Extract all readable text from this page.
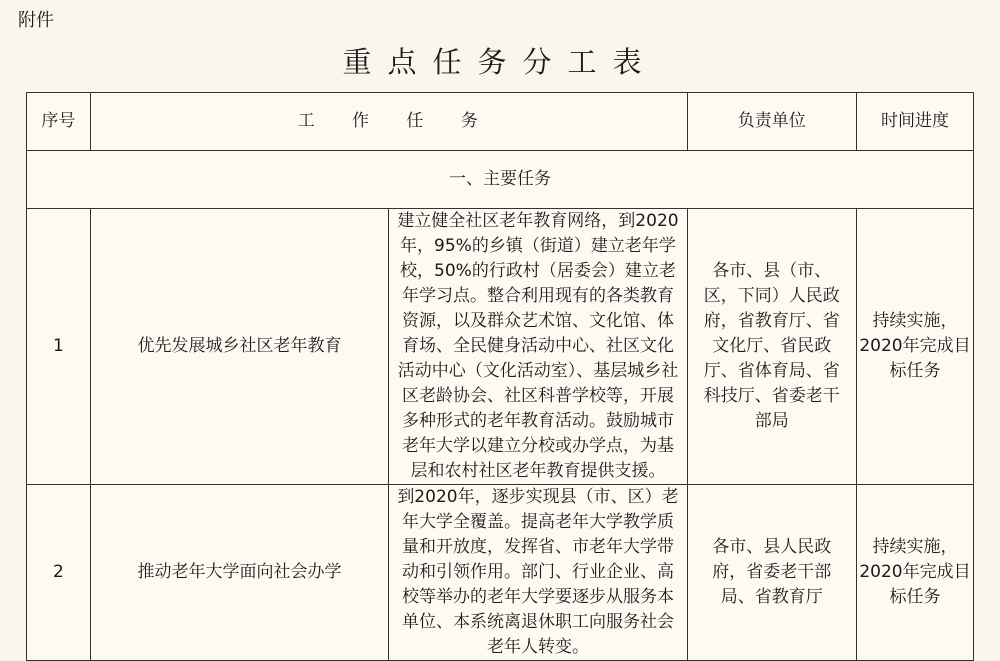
附件
重点任务分工表
序号	工 作 任 务		负责单位	时间进度
一、主要任务				
1	优先发展城乡社区老年教育	建立健全社区老年教育网络，到2020年，95%的乡镇（街道）建立老年学校，50%的行政村（居委会）建立老年学习点。整合利用现有的各类教育资源，以及群众艺术馆、文化馆、体育场、全民健身活动中心、社区文化活动中心（文化活动室）、基层城乡社区老龄协会、社区科普学校等，开展多种形式的老年教育活动。鼓励城市老年大学以建立分校或办学点，为基层和农村社区老年教育提供支援。	各市、县（市、区，下同）人民政府，省教育厅、省文化厅、省民政厅、省体育局、省科技厅、省委老干部局	持续实施，2020年完成目标任务
2	推动老年大学面向社会办学	到2020年，逐步实现县（市、区）老年大学全覆盖。提高老年大学教学质量和开放度，发挥省、市老年大学带动和引领作用。部门、行业企业、高校等举办的老年大学要逐步从服务本单位、本系统离退休职工向服务社会老年人转变。	各市、县人民政府，省委老干部局、省教育厅	持续实施，2020年完成目标任务
